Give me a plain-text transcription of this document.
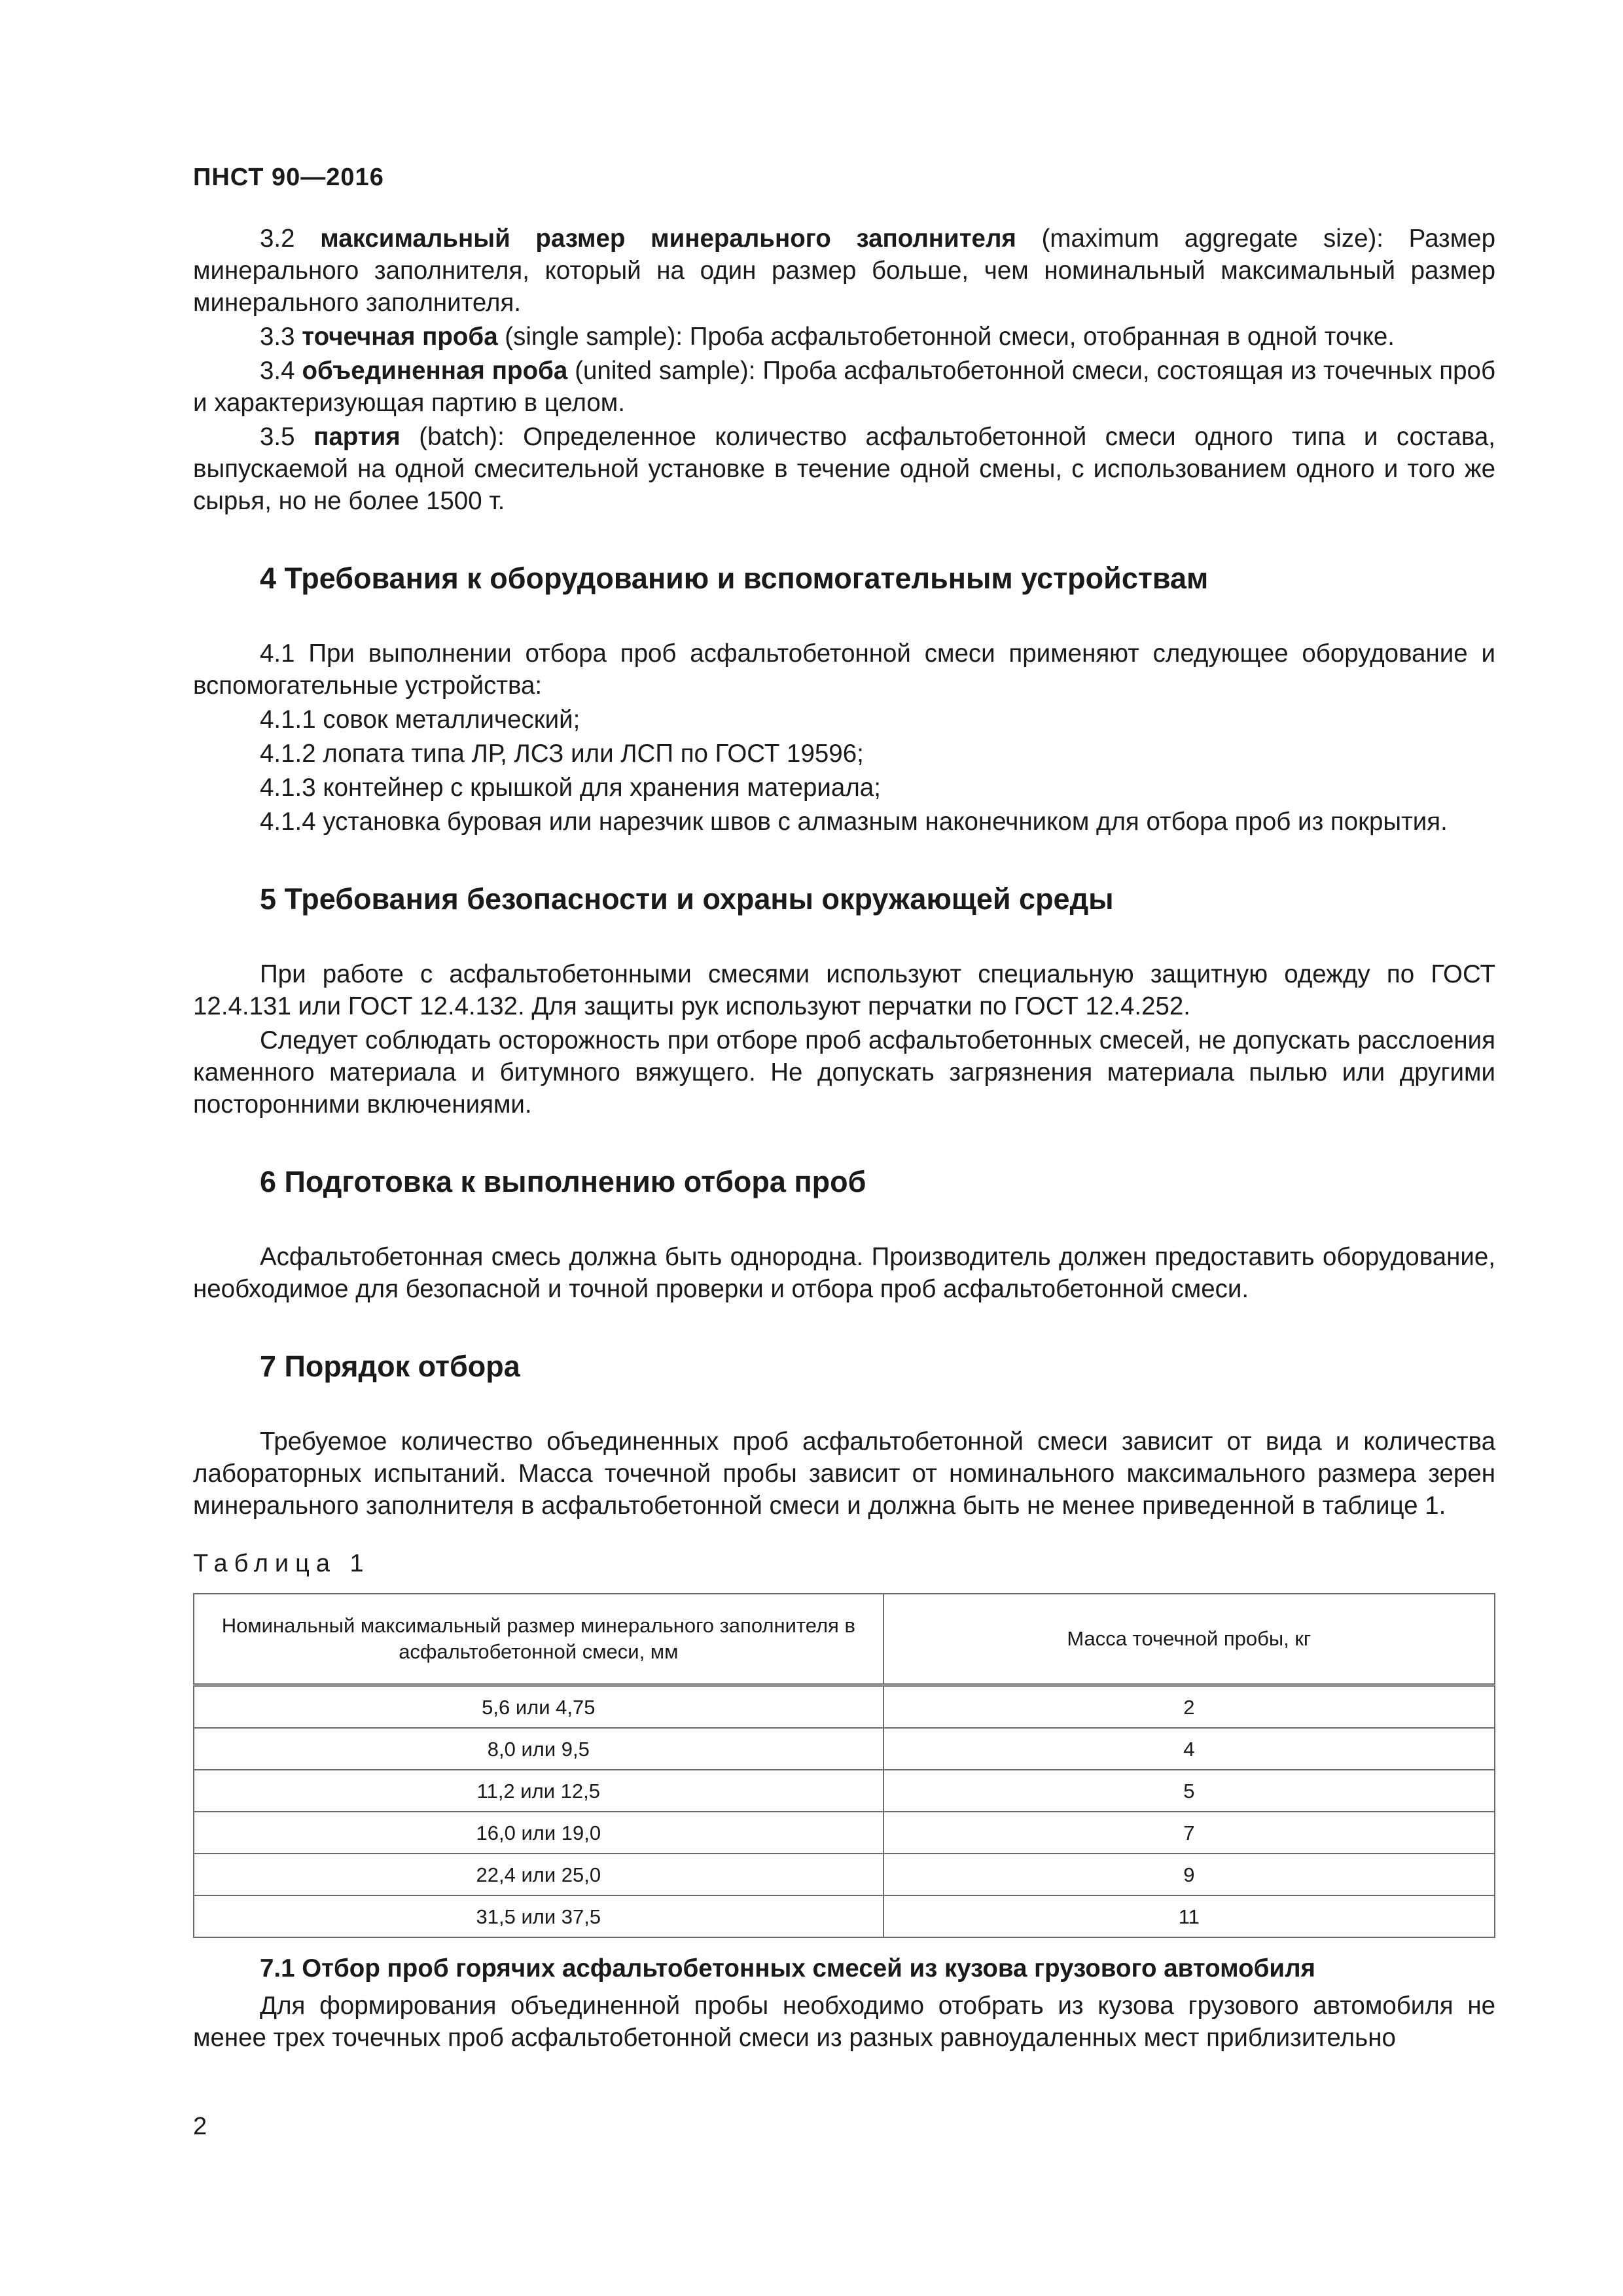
ПНСТ 90—2016

3.2 максимальный размер минерального заполнителя (maximum aggregate size): Размер минерального заполнителя, который на один размер больше, чем номинальный максимальный размер минерального заполнителя.

3.3 точечная проба (single sample): Проба асфальтобетонной смеси, отобранная в одной точке.

3.4 объединенная проба (united sample): Проба асфальтобетонной смеси, состоящая из точечных проб и характеризующая партию в целом.

3.5 партия (batch): Определенное количество асфальтобетонной смеси одного типа и состава, выпускаемой на одной смесительной установке в течение одной смены, с использованием одного и того же сырья, но не более 1500 т.

4 Требования к оборудованию и вспомогательным устройствам

4.1 При выполнении отбора проб асфальтобетонной смеси применяют следующее оборудование и вспомогательные устройства:

4.1.1 совок металлический;

4.1.2 лопата типа ЛР, ЛСЗ или ЛСП по ГОСТ 19596;

4.1.3 контейнер с крышкой для хранения материала;

4.1.4 установка буровая или нарезчик швов с алмазным наконечником для отбора проб из покрытия.

5 Требования безопасности и охраны окружающей среды

При работе с асфальтобетонными смесями используют специальную защитную одежду по ГОСТ 12.4.131 или ГОСТ 12.4.132. Для защиты рук используют перчатки по ГОСТ 12.4.252.

Следует соблюдать осторожность при отборе проб асфальтобетонных смесей, не допускать расслоения каменного материала и битумного вяжущего. Не допускать загрязнения материала пылью или другими посторонними включениями.

6 Подготовка к выполнению отбора проб

Асфальтобетонная смесь должна быть однородна. Производитель должен предоставить оборудование, необходимое для безопасной и точной проверки и отбора проб асфальтобетонной смеси.

7 Порядок отбора

Требуемое количество объединенных проб асфальтобетонной смеси зависит от вида и количества лабораторных испытаний. Масса точечной пробы зависит от номинального максимального размера зерен минерального заполнителя в асфальтобетонной смеси и должна быть не менее приведенной в таблице 1.

Таблица 1
Номинальный максимальный размер минерального заполнителя в асфальтобетонной смеси, мм	Масса точечной пробы, кг
5,6 или 4,75	2
8,0 или 9,5	4
11,2 или 12,5	5
16,0 или 19,0	7
22,4 или 25,0	9
31,5 или 37,5	11
7.1 Отбор проб горячих асфальтобетонных смесей из кузова грузового автомобиля

Для формирования объединенной пробы необходимо отобрать из кузова грузового автомобиля не менее трех точечных проб асфальтобетонной смеси из разных равноудаленных мест приблизительно

2
